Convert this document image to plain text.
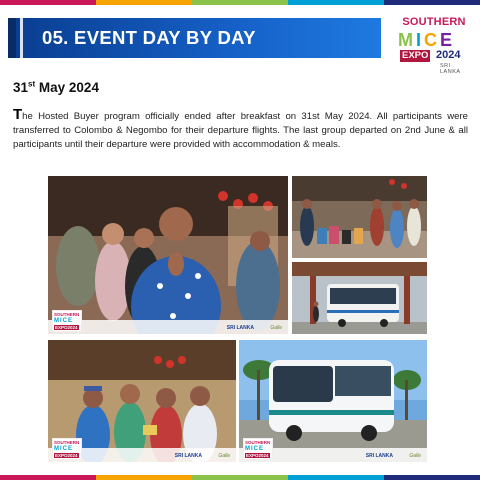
05. EVENT DAY BY DAY
SOUTHERN
MICE
EXPO 2024
SRI LANKA
31st May 2024

The Hosted Buyer program officially ended after breakfast on 31st May 2024. All participants were transferred to Colombo & Negombo for their departure flights. The last group departed on 2nd June & all participants until their departure were provided with accommodation & meals.

SOUTHERN
MICE
EXPO2024	SRI LANKA	Galle
SOUTHERN
MICE
EXPO2024	SRI LANKA	Galle
SOUTHERN
MICE
EXPO2024	SRI LANKA	Galle
